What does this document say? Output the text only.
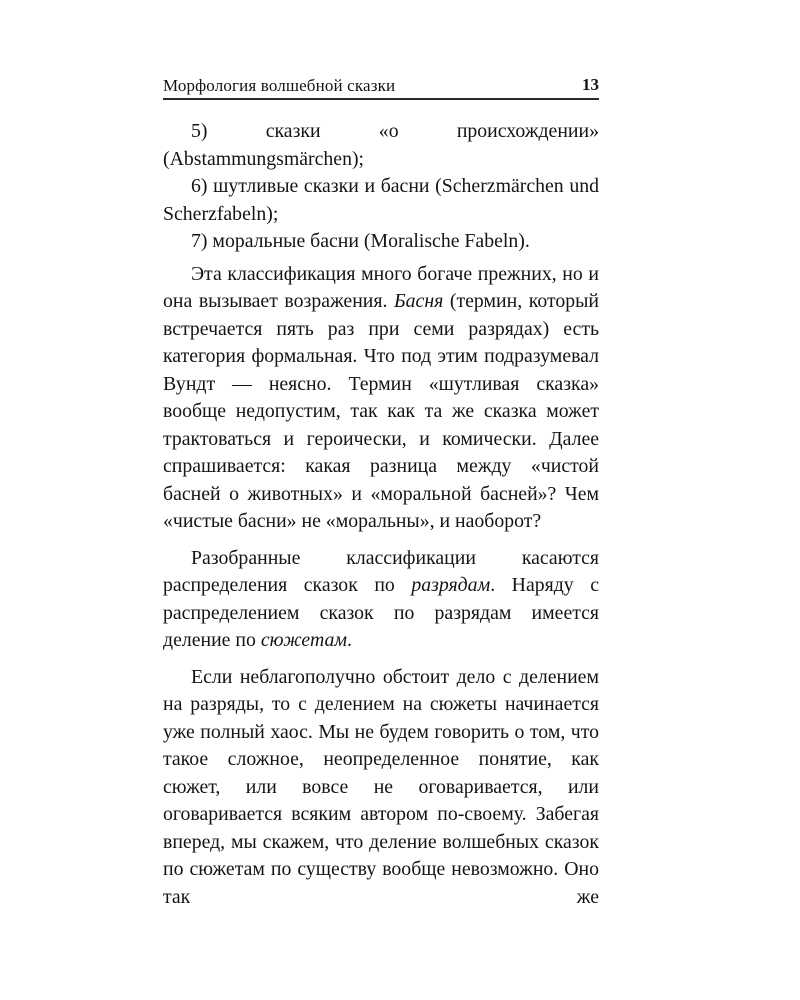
Морфология волшебной сказки	13

5) сказки «о происхождении» (Abstammungsmärchen);

6) шутливые сказки и басни (Scherzmärchen und Scherzfabeln);

7) моральные басни (Moralische Fabeln).

Эта классификация много богаче прежних, но и она вызывает возражения. Басня (термин, который встречается пять раз при семи разрядах) есть категория формальная. Что под этим подразумевал Вундт — неясно. Термин «шутливая сказка» вообще недопустим, так как та же сказка может трактоваться и героически, и комически. Далее спрашивается: какая разница между «чистой басней о животных» и «моральной басней»? Чем «чистые басни» не «моральны», и наоборот?

Разобранные классификации касаются распределения сказок по разрядам. Наряду с распределением сказок по разрядам имеется деление по сюжетам.

Если неблагополучно обстоит дело с делением на разряды, то с делением на сюжеты начинается уже полный хаос. Мы не будем говорить о том, что такое сложное, неопределенное понятие, как сюжет, или вовсе не оговаривается, или оговаривается всяким автором по-своему. Забегая вперед, мы скажем, что деление волшебных сказок по сюжетам по существу вообще невозможно. Оно так же
